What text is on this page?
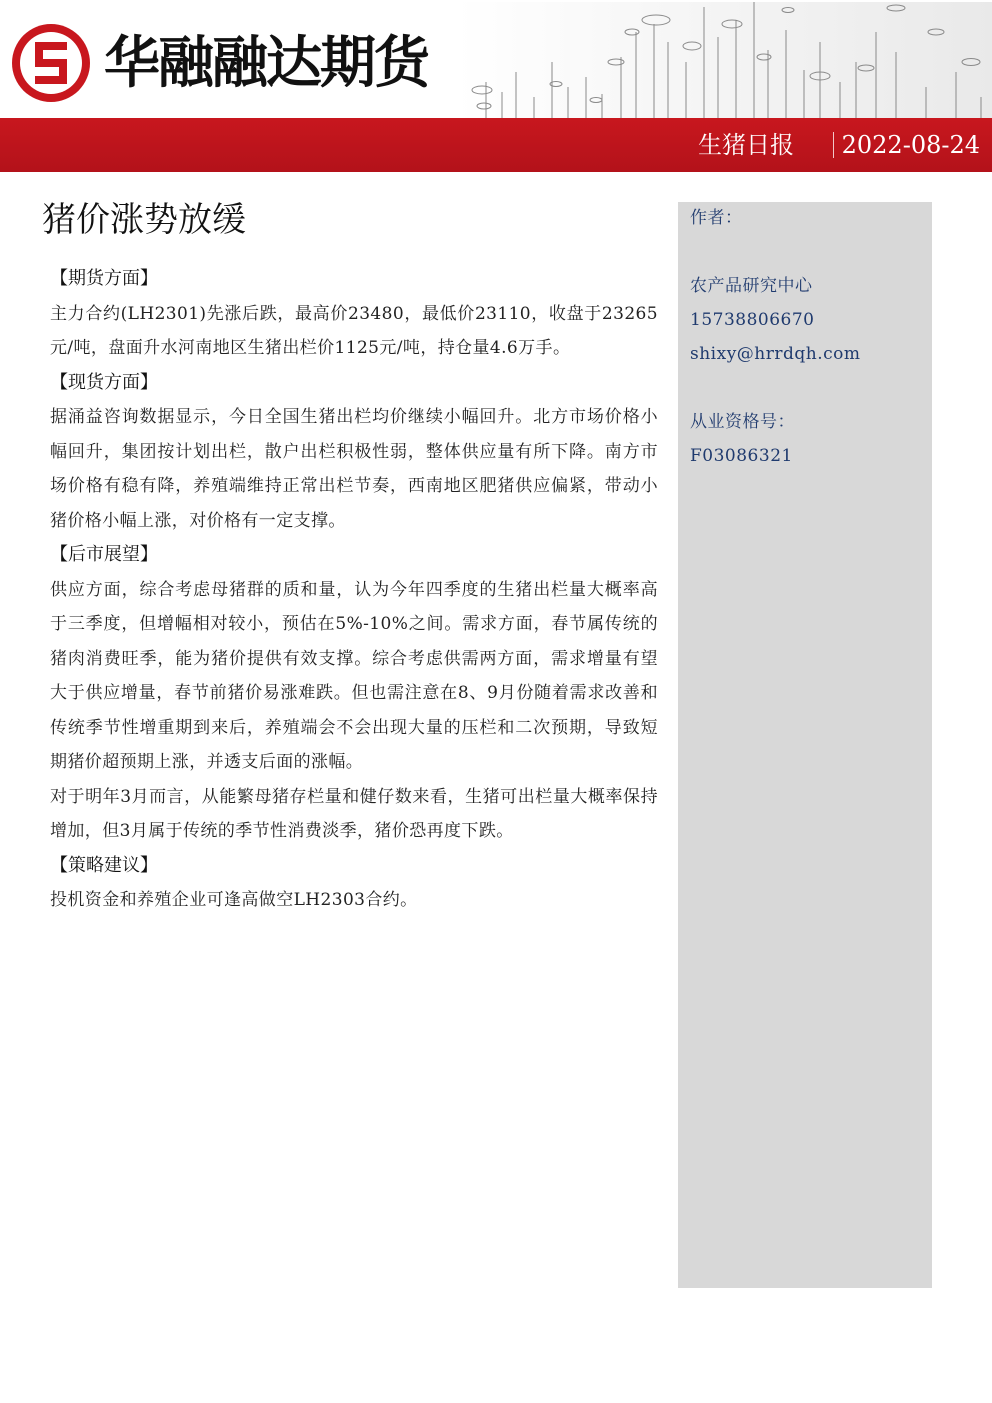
华融融达期货
生猪日报 2022-08-24
猪价涨势放缓

【期货方面】

主力合约(LH2301)先涨后跌，最高价23480，最低价23110，收盘于23265元/吨，盘面升水河南地区生猪出栏价1125元/吨，持仓量4.6万手。

【现货方面】

据涌益咨询数据显示，今日全国生猪出栏均价继续小幅回升。北方市场价格小幅回升，集团按计划出栏，散户出栏积极性弱，整体供应量有所下降。南方市场价格有稳有降，养殖端维持正常出栏节奏，西南地区肥猪供应偏紧，带动小猪价格小幅上涨，对价格有一定支撑。

【后市展望】

供应方面，综合考虑母猪群的质和量，认为今年四季度的生猪出栏量大概率高于三季度，但增幅相对较小，预估在5%-10%之间。需求方面，春节属传统的猪肉消费旺季，能为猪价提供有效支撑。综合考虑供需两方面，需求增量有望大于供应增量，春节前猪价易涨难跌。但也需注意在8、9月份随着需求改善和传统季节性增重期到来后，养殖端会不会出现大量的压栏和二次预期，导致短期猪价超预期上涨，并透支后面的涨幅。

对于明年3月而言，从能繁母猪存栏量和健仔数来看，生猪可出栏量大概率保持增加，但3月属于传统的季节性消费淡季，猪价恐再度下跌。

【策略建议】

投机资金和养殖企业可逢高做空LH2303合约。

作者：
农产品研究中心
15738806670
shixy@hrrdqh.com
从业资格号：
F03086321
